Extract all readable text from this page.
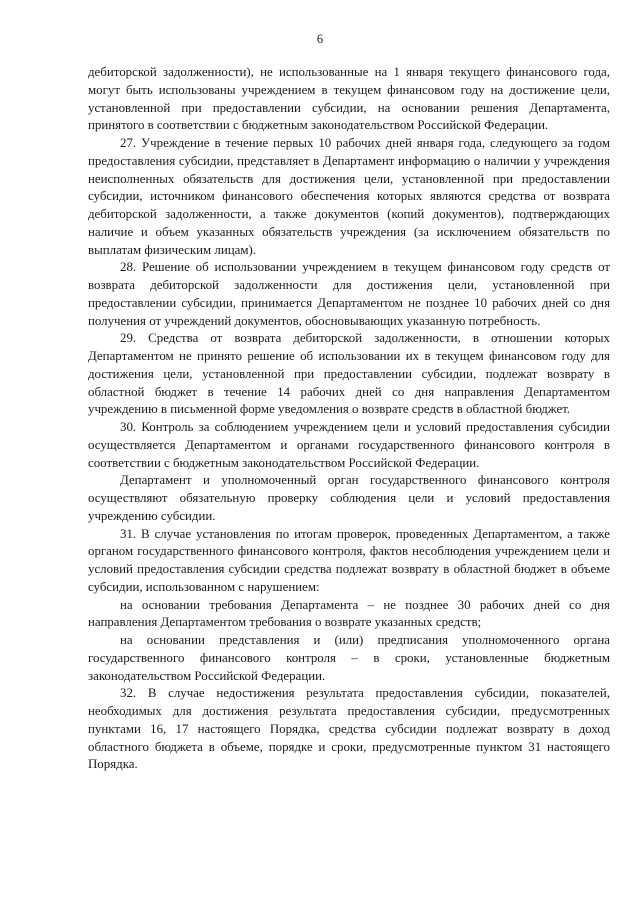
6

дебиторской задолженности), не использованные на 1 января текущего финансового года, могут быть использованы учреждением в текущем финансовом году на достижение цели, установленной при предоставлении субсидии, на основании решения Департамента, принятого в соответствии с бюджетным законодательством Российской Федерации.

27. Учреждение в течение первых 10 рабочих дней января года, следующего за годом предоставления субсидии, представляет в Департамент информацию о наличии у учреждения неисполненных обязательств для достижения цели, установленной при предоставлении субсидии, источником финансового обеспечения которых являются средства от возврата дебиторской задолженности, а также документов (копий документов), подтверждающих наличие и объем указанных обязательств учреждения (за исключением обязательств по выплатам физическим лицам).

28. Решение об использовании учреждением в текущем финансовом году средств от возврата дебиторской задолженности для достижения цели, установленной при предоставлении субсидии, принимается Департаментом не позднее 10 рабочих дней со дня получения от учреждений документов, обосновывающих указанную потребность.

29. Средства от возврата дебиторской задолженности, в отношении которых Департаментом не принято решение об использовании их в текущем финансовом году для достижения цели, установленной при предоставлении субсидии, подлежат возврату в областной бюджет в течение 14 рабочих дней со дня направления Департаментом учреждению в письменной форме уведомления о возврате средств в областной бюджет.

30. Контроль за соблюдением учреждением цели и условий предоставления субсидии осуществляется Департаментом и органами государственного финансового контроля в соответствии с бюджетным законодательством Российской Федерации.

Департамент и уполномоченный орган государственного финансового контроля осуществляют обязательную проверку соблюдения цели и условий предоставления учреждению субсидии.

31. В случае установления по итогам проверок, проведенных Департаментом, а также органом государственного финансового контроля, фактов несоблюдения учреждением цели и условий предоставления субсидии средства подлежат возврату в областной бюджет в объеме субсидии, использованном с нарушением:

на основании требования Департамента – не позднее 30 рабочих дней со дня направления Департаментом требования о возврате указанных средств;

на основании представления и (или) предписания уполномоченного органа государственного финансового контроля – в сроки, установленные бюджетным законодательством Российской Федерации.

32. В случае недостижения результата предоставления субсидии, показателей, необходимых для достижения результата предоставления субсидии, предусмотренных пунктами 16, 17 настоящего Порядка, средства субсидии подлежат возврату в доход областного бюджета в объеме, порядке и сроки, предусмотренные пунктом 31 настоящего Порядка.
